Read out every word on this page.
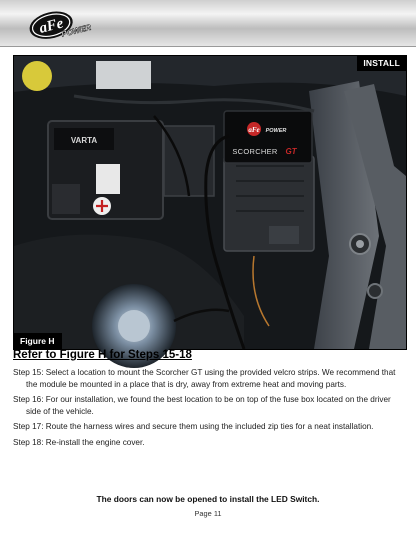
aFe
POWER
VARTA
aFe POWER
SCORCHER GT
INSTALL
Figure H
Refer to Figure H for Steps 15-18

Step 15: Select a location to mount the Scorcher GT using the provided velcro strips. We recommend that
the module be mounted in a place that is dry, away from extreme heat and moving parts.

Step 16: For our installation, we found the best location to be on top of the fuse box located on the driver
side of the vehicle.

Step 17: Route the harness wires and secure them using the included zip ties for a neat installation.

Step 18: Re-install the engine cover.

The doors can now be opened to install the LED Switch.
Page 11
